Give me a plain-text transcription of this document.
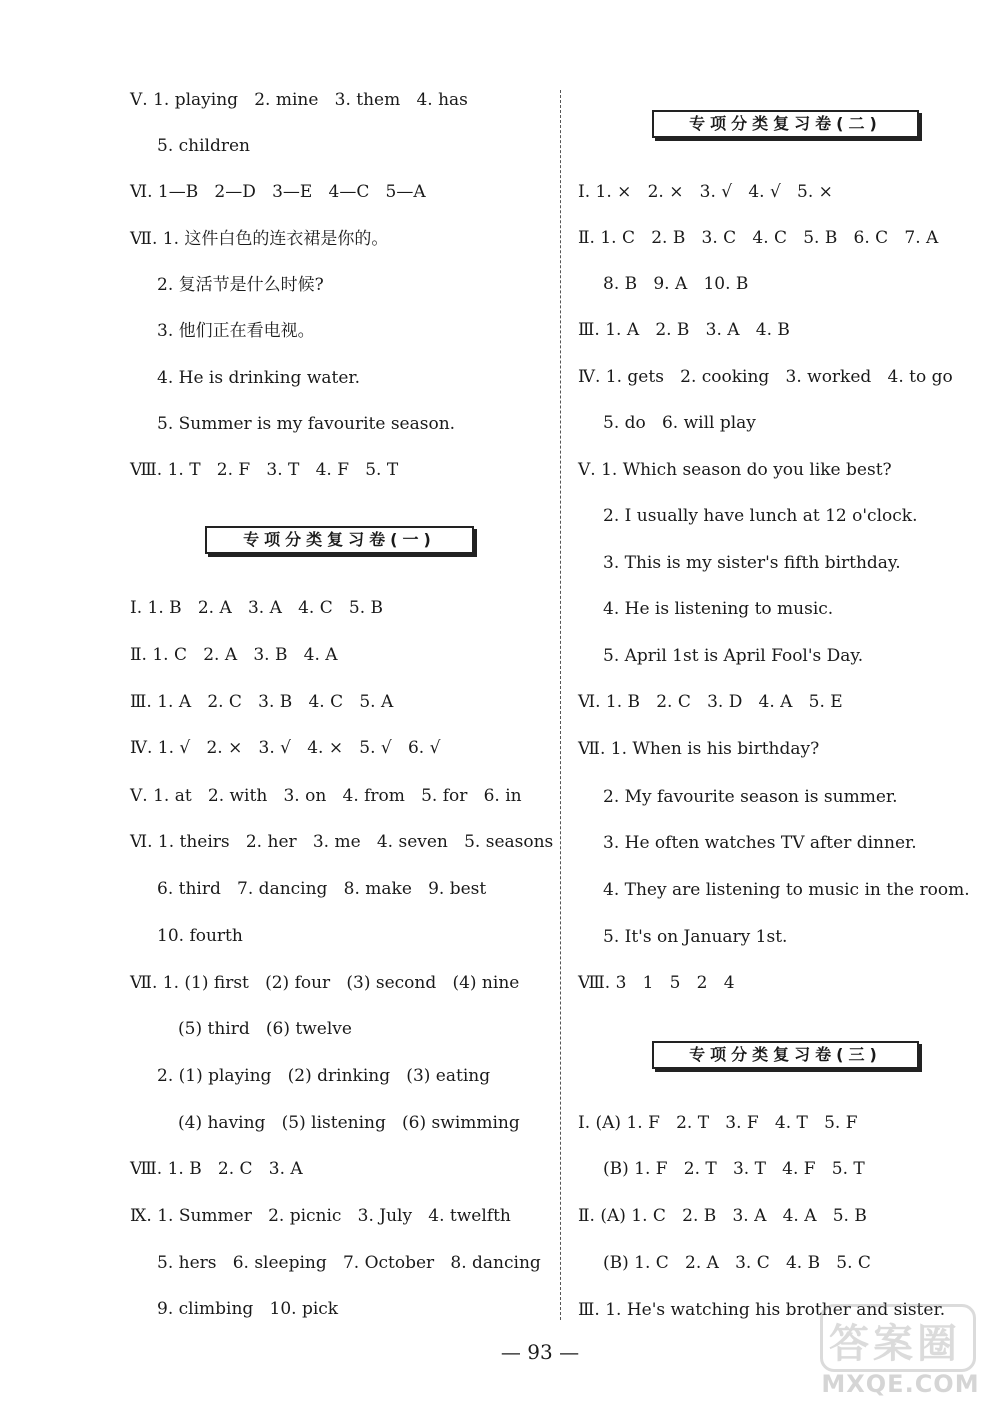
Ⅴ. 1. playing   2. mine   3. them   4. has
5. children
Ⅵ. 1—B   2—D   3—E   4—C   5—A
Ⅶ. 1. 这件白色的连衣裙是你的。
2. 复活节是什么时候?
3. 他们正在看电视。
4. He is drinking water.
5. Summer is my favourite season.
Ⅷ. 1. T   2. F   3. T   4. F   5. T
专项分类复习卷(一)
Ⅰ. 1. B   2. A   3. A   4. C   5. B
Ⅱ. 1. C   2. A   3. B   4. A
Ⅲ. 1. A   2. C   3. B   4. C   5. A
Ⅳ. 1. √   2. ×   3. √   4. ×   5. √   6. √
Ⅴ. 1. at   2. with   3. on   4. from   5. for   6. in
Ⅵ. 1. theirs   2. her   3. me   4. seven   5. seasons
6. third   7. dancing   8. make   9. best
10. fourth
Ⅶ. 1. (1) first   (2) four   (3) second   (4) nine
(5) third   (6) twelve
2. (1) playing   (2) drinking   (3) eating
(4) having   (5) listening   (6) swimming
Ⅷ. 1. B   2. C   3. A
Ⅸ. 1. Summer   2. picnic   3. July   4. twelfth
5. hers   6. sleeping   7. October   8. dancing
9. climbing   10. pick
专项分类复习卷(二)
Ⅰ. 1. ×   2. ×   3. √   4. √   5. ×
Ⅱ. 1. C   2. B   3. C   4. C   5. B   6. C   7. A
8. B   9. A   10. B
Ⅲ. 1. A   2. B   3. A   4. B
Ⅳ. 1. gets   2. cooking   3. worked   4. to go
5. do   6. will play
Ⅴ. 1. Which season do you like best?
2. I usually have lunch at 12 o'clock.
3. This is my sister's fifth birthday.
4. He is listening to music.
5. April 1st is April Fool's Day.
Ⅵ. 1. B   2. C   3. D   4. A   5. E
Ⅶ. 1. When is his birthday?
2. My favourite season is summer.
3. He often watches TV after dinner.
4. They are listening to music in the room.
5. It's on January 1st.
Ⅷ. 3   1   5   2   4
专项分类复习卷(三)
Ⅰ. (A) 1. F   2. T   3. F   4. T   5. F
(B) 1. F   2. T   3. T   4. F   5. T
Ⅱ. (A) 1. C   2. B   3. A   4. A   5. B
(B) 1. C   2. A   3. C   4. B   5. C
Ⅲ. 1. He's watching his brother and sister.
— 93 —	答案圈
MXQE.COM
